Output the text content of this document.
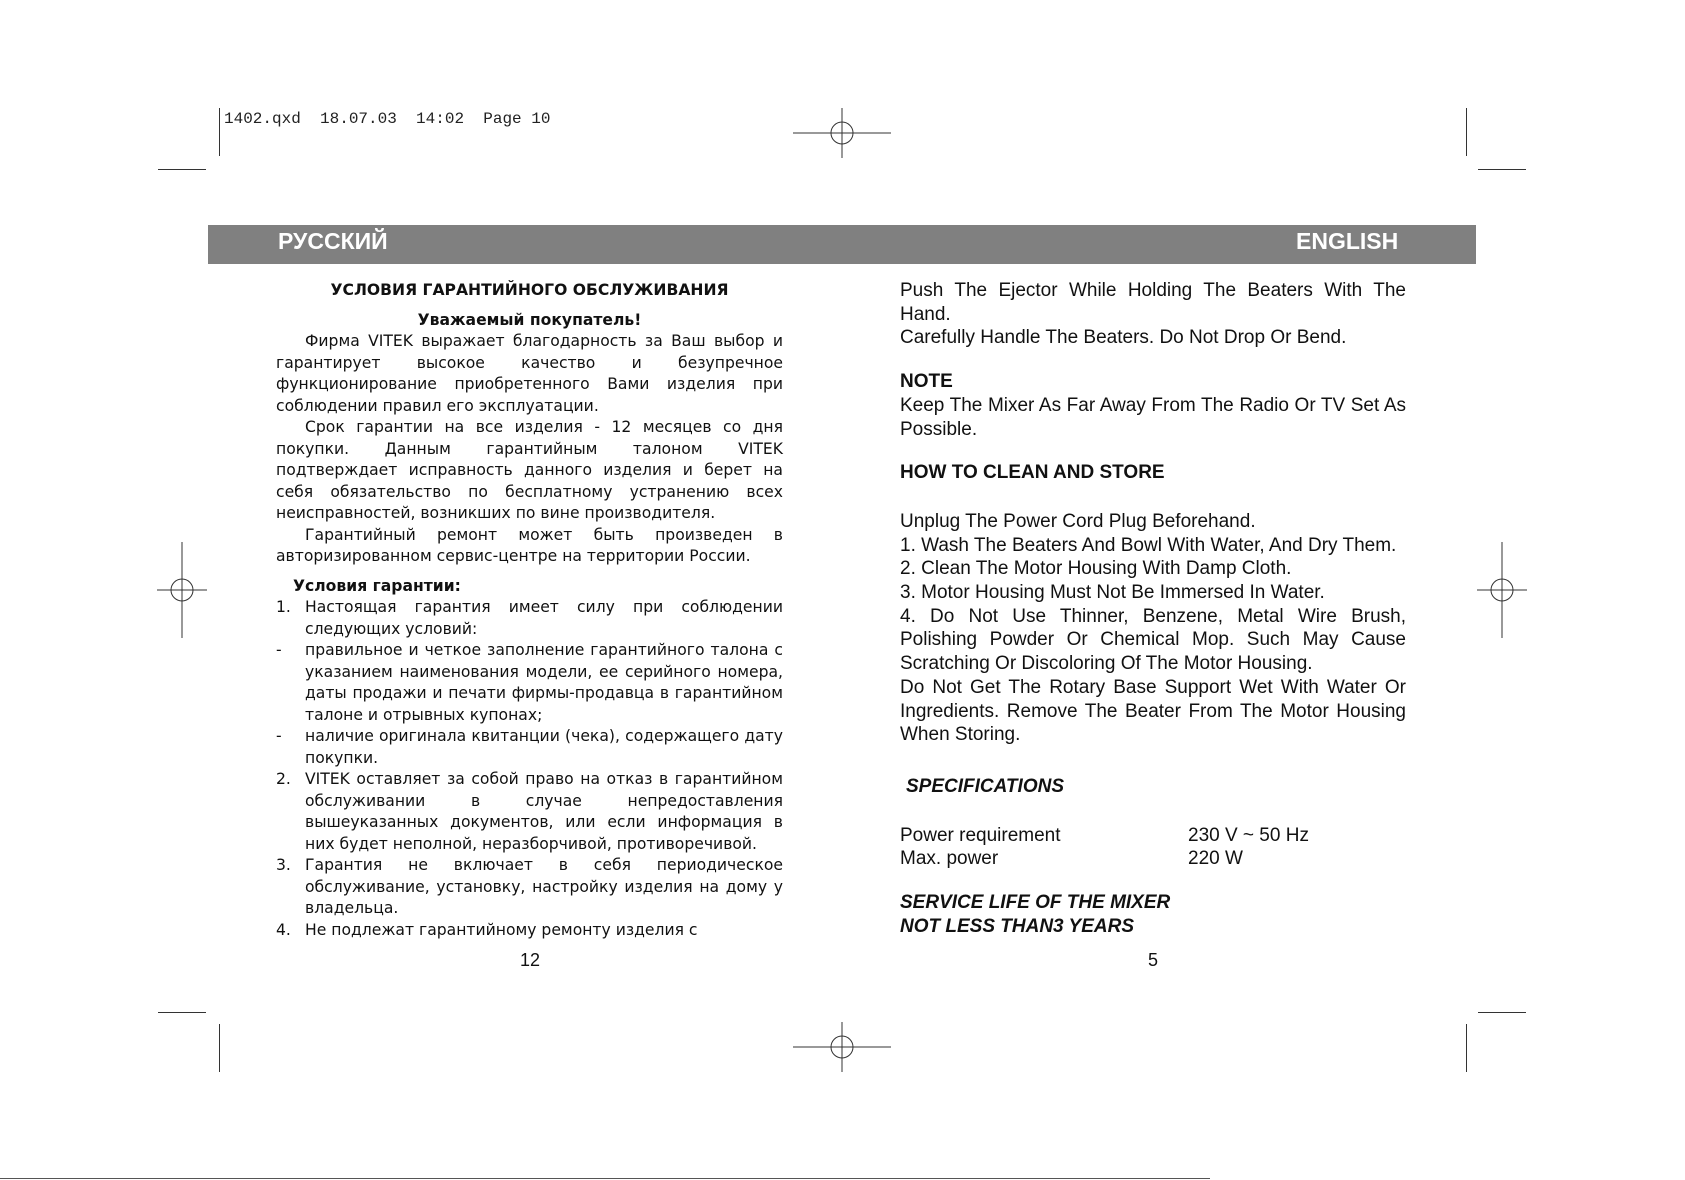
1402.qxd  18.07.03  14:02  Page 10
РУССКИЙ	ENGLISH
УСЛОВИЯ ГАРАНТИЙНОГО ОБСЛУЖИВАНИЯ
Уважаемый покупатель!

Фирма VITEK выражает благодарность за Ваш выбор и гарантирует высокое качество и безупречное функционирование приобретенного Вами изделия при соблюдении правил его эксплуатации.

Срок гарантии на все изделия - 12 месяцев со дня покупки. Данным гарантийным талоном VITEK подтверждает исправность данного изделия и берет на себя обязательство по бесплатному устранению всех неисправностей, возникших по вине производителя.

Гарантийный ремонт может быть произведен в авторизированном сервис-центре на территории России.

Условия гарантии:
1. Настоящая гарантия имеет силу при соблюдении следующих условий:
- правильное и четкое заполнение гарантийного талона с указанием наименования модели, ее серийного номера, даты продажи и печати фирмы-продавца в гарантийном талоне и отрывных купонах;
- наличие оригинала квитанции (чека), содержащего дату покупки.
2. VITEK оставляет за собой право на отказ в гарантийном обслуживании в случае непредоставления вышеуказанных документов, или если информация в них будет неполной, неразборчивой, противоречивой.
3. Гарантия не включает в себя периодическое обслуживание, установку, настройку изделия на дому у владельца.
4. Не подлежат гарантийному ремонту изделия с
12
Push The Ejector While Holding The Beaters With The Hand.
Carefully Handle The Beaters. Do Not Drop Or Bend.
NOTE
Keep The Mixer As Far Away From The Radio Or TV Set As Possible.
HOW TO CLEAN AND STORE
Unplug The Power Cord Plug Beforehand.
1. Wash The Beaters And Bowl With Water, And Dry Them.
2. Clean The Motor Housing With Damp Cloth.
3. Motor Housing Must Not Be Immersed In Water.
4. Do Not Use Thinner, Benzene, Metal Wire Brush, Polishing Powder Or Chemical Mop. Such May Cause Scratching Or Discoloring Of The Motor Housing.
Do Not Get The Rotary Base Support Wet With Water Or Ingredients. Remove The Beater From The Motor Housing When Storing.
SPECIFICATIONS
Power requirement	230 V ~ 50 Hz
Max. power	220 W
SERVICE LIFE OF THE MIXER
NOT LESS THAN3 YEARS
5
